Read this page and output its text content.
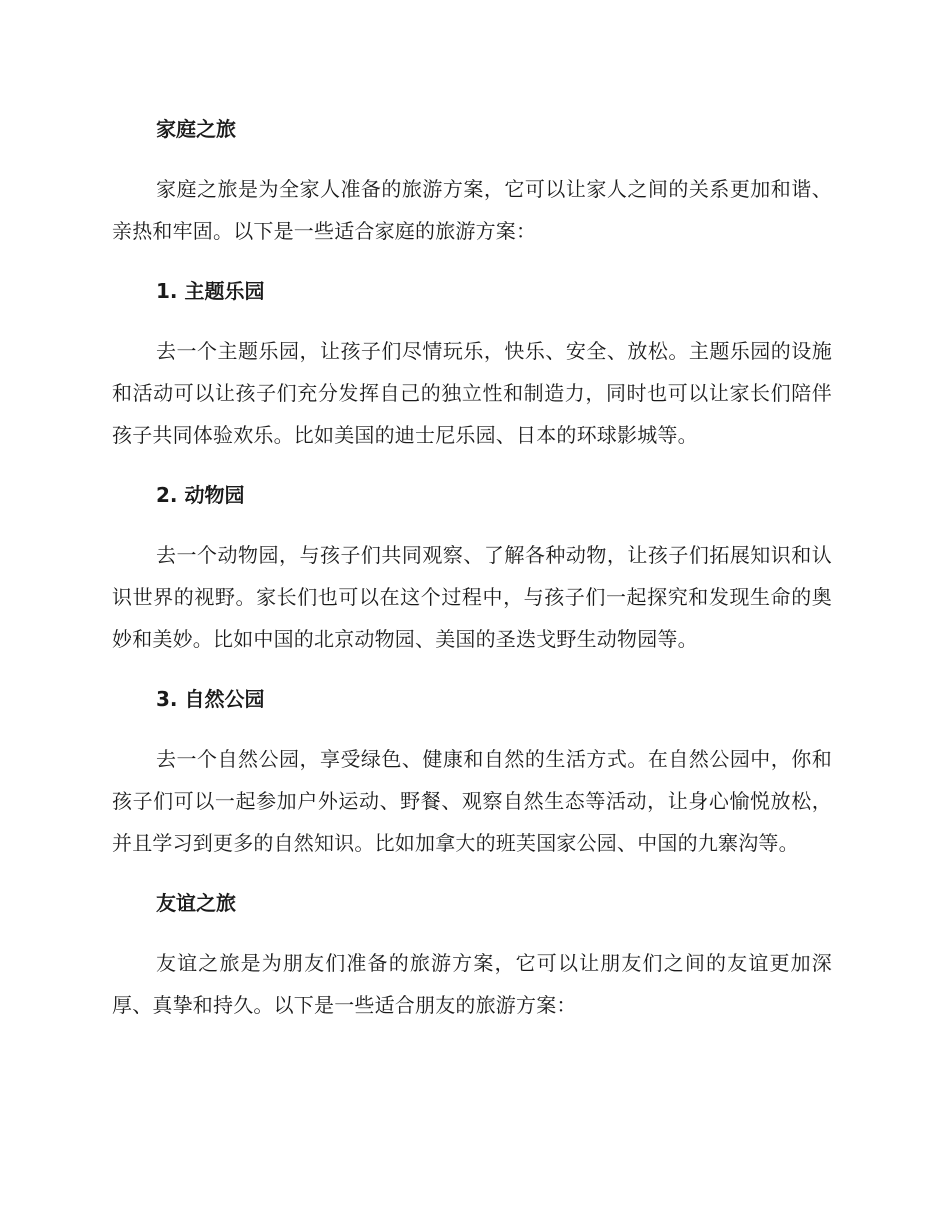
家庭之旅

家庭之旅是为全家人准备的旅游方案，它可以让家人之间的关系更加和谐、亲热和牢固。以下是一些适合家庭的旅游方案：

1. 主题乐园

去一个主题乐园，让孩子们尽情玩乐，快乐、安全、放松。主题乐园的设施和活动可以让孩子们充分发挥自己的独立性和制造力，同时也可以让家长们陪伴孩子共同体验欢乐。比如美国的迪士尼乐园、日本的环球影城等。

2. 动物园

去一个动物园，与孩子们共同观察、了解各种动物，让孩子们拓展知识和认识世界的视野。家长们也可以在这个过程中，与孩子们一起探究和发现生命的奥妙和美妙。比如中国的北京动物园、美国的圣迭戈野生动物园等。

3. 自然公园

去一个自然公园，享受绿色、健康和自然的生活方式。在自然公园中，你和孩子们可以一起参加户外运动、野餐、观察自然生态等活动，让身心愉悦放松，并且学习到更多的自然知识。比如加拿大的班芙国家公园、中国的九寨沟等。

友谊之旅

友谊之旅是为朋友们准备的旅游方案，它可以让朋友们之间的友谊更加深厚、真挚和持久。以下是一些适合朋友的旅游方案：
